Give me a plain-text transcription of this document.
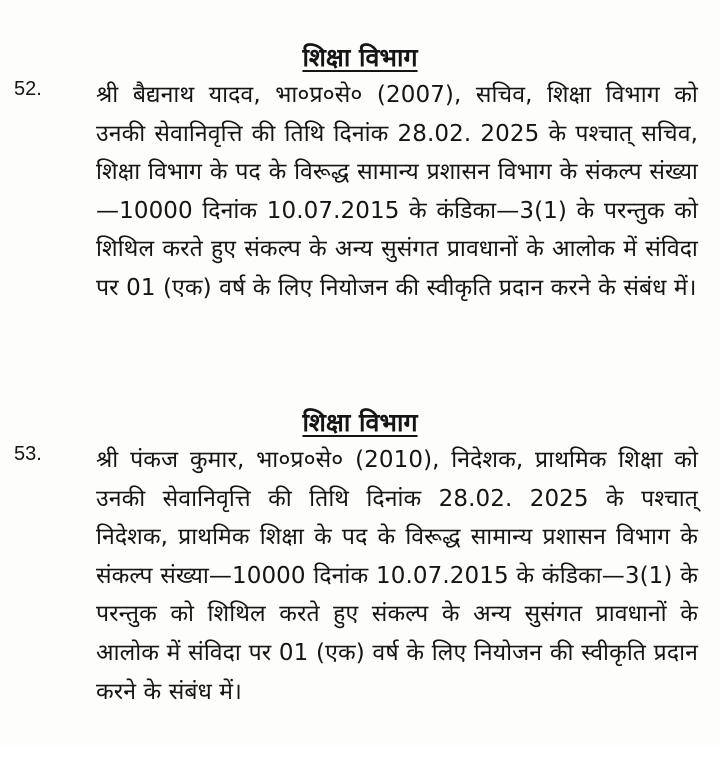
शिक्षा विभाग
52. श्री बैद्यनाथ यादव, भा०प्र०से० (2007), सचिव, शिक्षा विभाग को उनकी सेवानिवृत्ति की तिथि दिनांक 28.02. 2025 के पश्चात् सचिव, शिक्षा विभाग के पद के विरूद्ध सामान्य प्रशासन विभाग के संकल्प संख्या—10000 दिनांक 10.07.2015 के कंडिका—3(1) के परन्तुक को शिथिल करते हुए संकल्प के अन्य सुसंगत प्रावधानों के आलोक में संविदा पर 01 (एक) वर्ष के लिए नियोजन की स्वीकृति प्रदान करने के संबंध में।

शिक्षा विभाग
53. श्री पंकज कुमार, भा०प्र०से० (2010), निदेशक, प्राथमिक शिक्षा को उनकी सेवानिवृत्ति की तिथि दिनांक 28.02. 2025 के पश्चात् निदेशक, प्राथमिक शिक्षा के पद के विरूद्ध सामान्य प्रशासन विभाग के संकल्प संख्या—10000 दिनांक 10.07.2015 के कंडिका—3(1) के परन्तुक को शिथिल करते हुए संकल्प के अन्य सुसंगत प्रावधानों के आलोक में संविदा पर 01 (एक) वर्ष के लिए नियोजन की स्वीकृति प्रदान करने के संबंध में।
